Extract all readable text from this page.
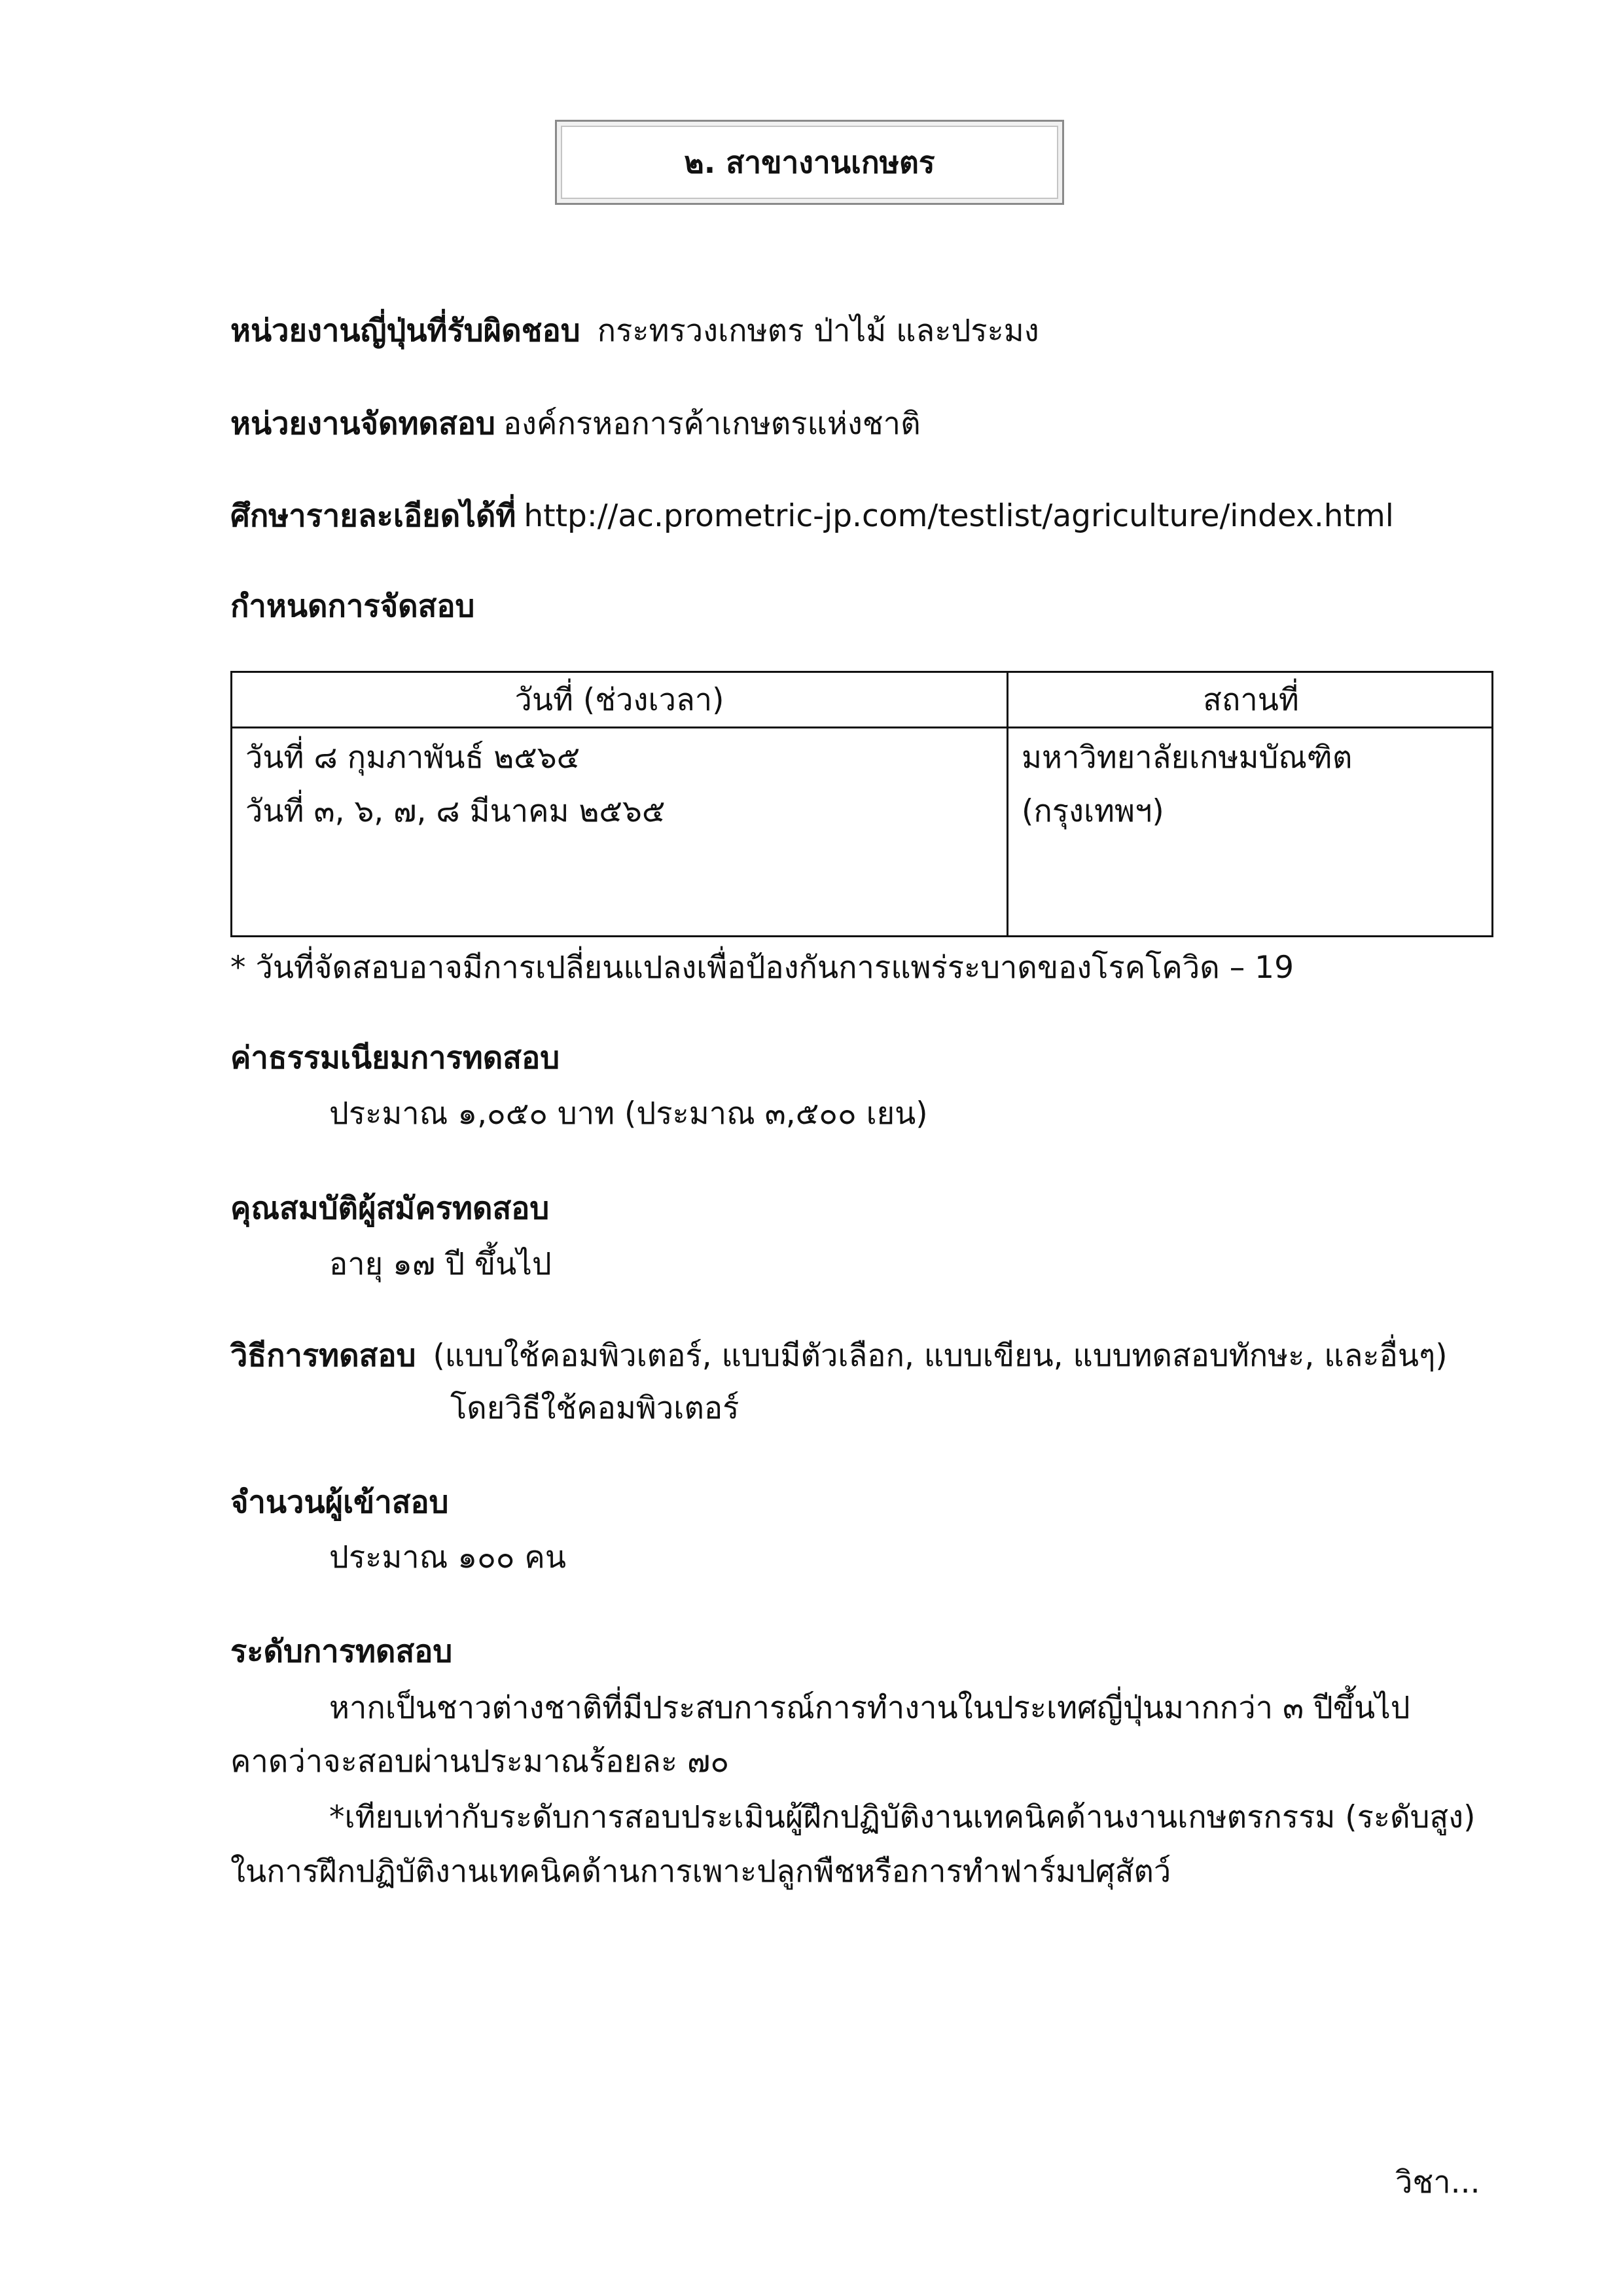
๒. สาขางานเกษตร
หน่วยงานญี่ปุ่นที่รับผิดชอบ กระทรวงเกษตร ป่าไม้ และประมง
หน่วยงานจัดทดสอบ องค์กรหอการค้าเกษตรแห่งชาติ
ศึกษารายละเอียดได้ที่ http://ac.prometric-jp.com/testlist/agriculture/index.html
กำหนดการจัดสอบ
วันที่ (ช่วงเวลา)	สถานที่
วันที่ ๘ กุมภาพันธ์ ๒๕๖๕
วันที่ ๓, ๖, ๗, ๘ มีนาคม ๒๕๖๕
มหาวิทยาลัยเกษมบัณฑิต
(กรุงเทพฯ)
* วันที่จัดสอบอาจมีการเปลี่ยนแปลงเพื่อป้องกันการแพร่ระบาดของโรคโควิด – 19
ค่าธรรมเนียมการทดสอบ
ประมาณ ๑,๐๕๐ บาท (ประมาณ ๓,๕๐๐ เยน)
คุณสมบัติผู้สมัครทดสอบ
อายุ ๑๗ ปี ขึ้นไป
วิธีการทดสอบ (แบบใช้คอมพิวเตอร์, แบบมีตัวเลือก, แบบเขียน, แบบทดสอบทักษะ, และอื่นๆ)
โดยวิธีใช้คอมพิวเตอร์
จำนวนผู้เข้าสอบ
ประมาณ ๑๐๐ คน
ระดับการทดสอบ
หากเป็นชาวต่างชาติที่มีประสบการณ์การทำงานในประเทศญี่ปุ่นมากกว่า ๓ ปีขึ้นไป
คาดว่าจะสอบผ่านประมาณร้อยละ ๗๐
*เทียบเท่ากับระดับการสอบประเมินผู้ฝึกปฏิบัติงานเทคนิคด้านงานเกษตรกรรม (ระดับสูง)
ในการฝึกปฏิบัติงานเทคนิคด้านการเพาะปลูกพืชหรือการทำฟาร์มปศุสัตว์
วิชา...
